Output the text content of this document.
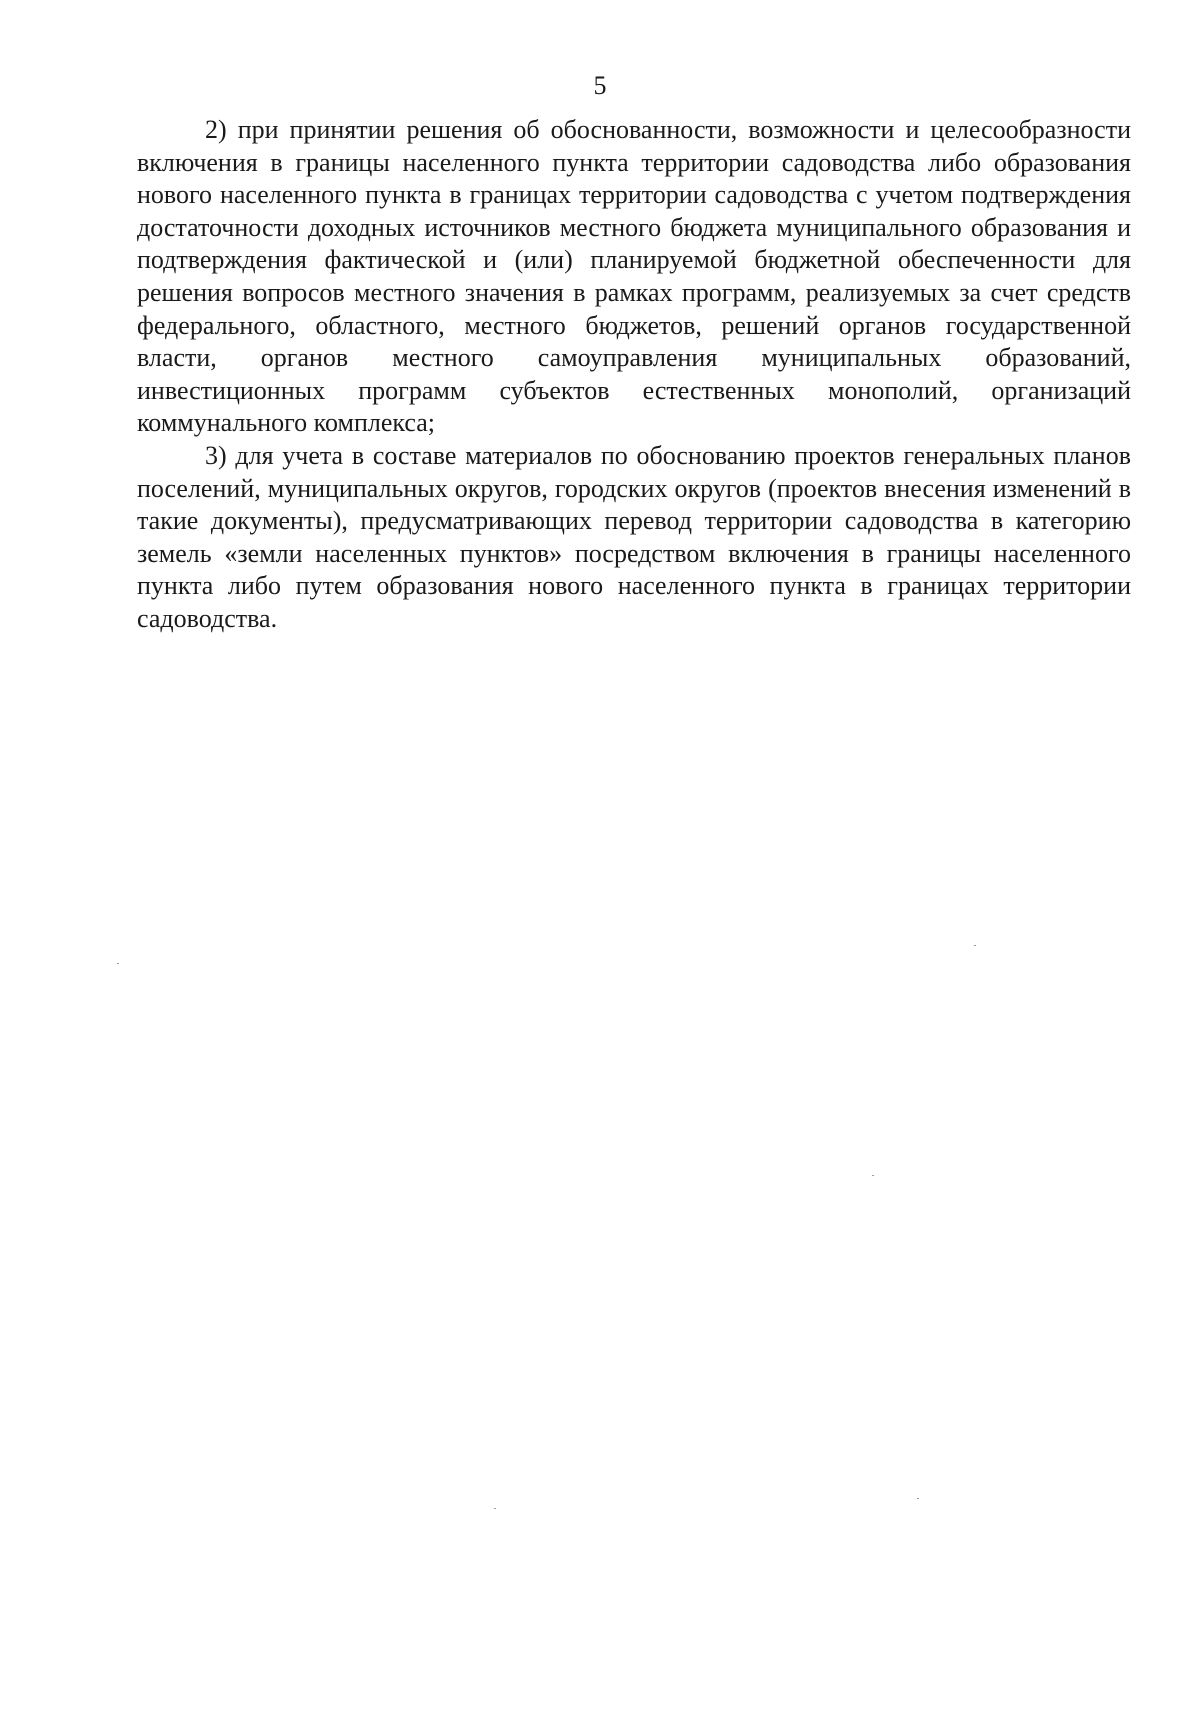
5

2) при принятии решения об обоснованности, возможности и целесообразности включения в границы населенного пункта территории садоводства либо образования нового населенного пункта в границах территории садоводства с учетом подтверждения достаточности доходных источников местного бюджета муниципального образования и подтверждения фактической и (или) планируемой бюджетной обеспеченности для решения вопросов местного значения в рамках программ, реализуемых за счет средств федерального, областного, местного бюджетов, решений органов государственной власти, органов местного самоуправления муниципальных образований, инвестиционных программ субъектов естественных монополий, организаций коммунального комплекса;

3) для учета в составе материалов по обоснованию проектов генеральных планов поселений, муниципальных округов, городских округов (проектов внесения изменений в такие документы), предусматривающих перевод территории садоводства в категорию земель «земли населенных пунктов» посредством включения в границы населенного пункта либо путем образования нового населенного пункта в границах территории садоводства.
